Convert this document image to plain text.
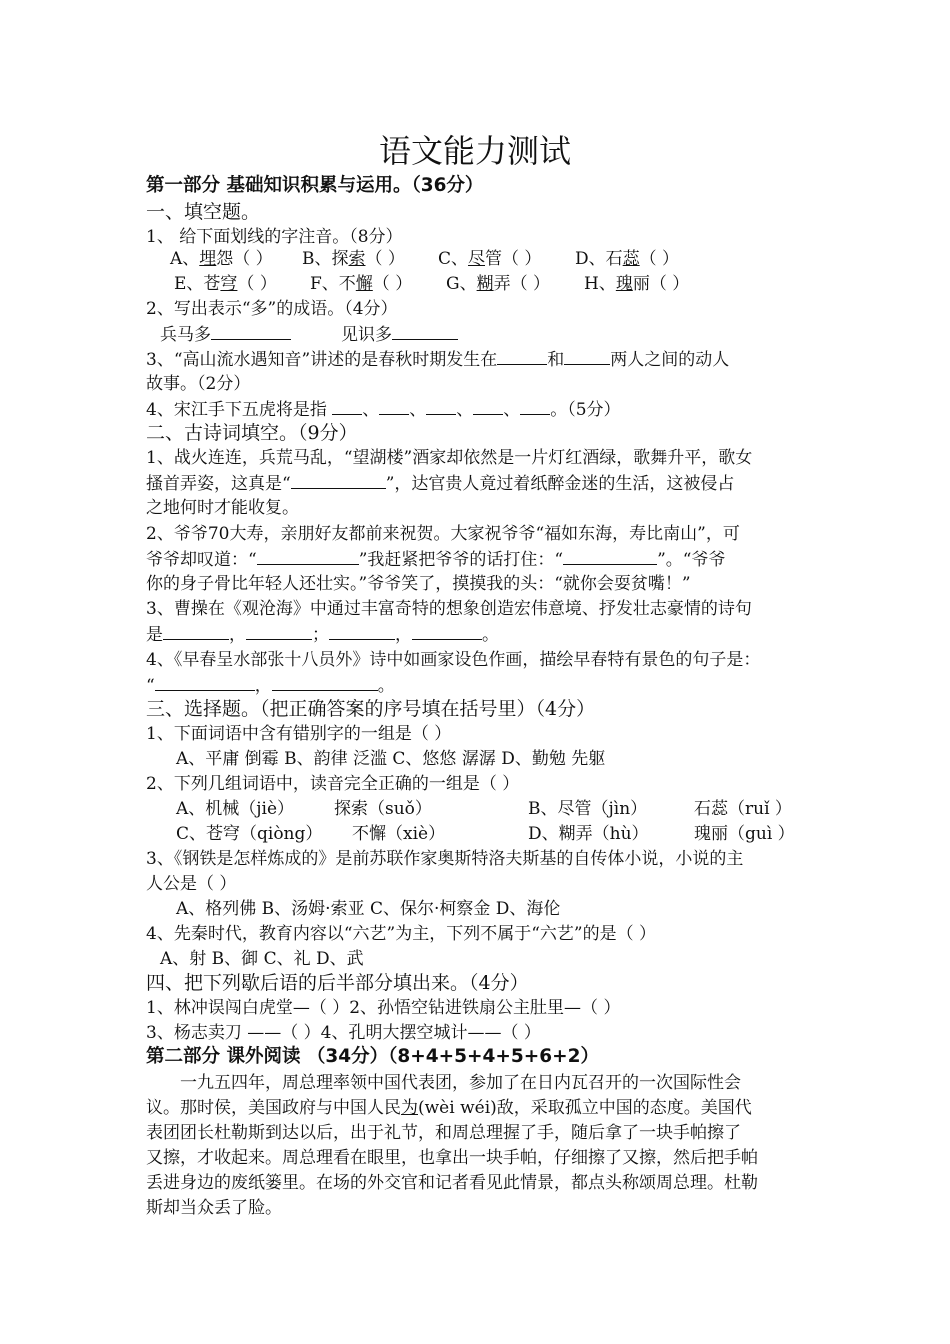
语文能力测试
第一部分 基础知识积累与运用。（36分）
一、填空题。
1、 给下面划线的字注音。（8分）
A、埋怨（ ） B、探索（ ） C、尽管（ ） D、石蕊（ ）
E、苍穹（ ） F、不懈（ ） G、糊弄（ ） H、瑰丽（ ）
2、写出表示“多”的成语。（4分）
兵马多	见识多
3、“高山流水遇知音”讲述的是春秋时期发生在	和	两人之间的动人
故事。（2分）
4、宋江手下五虎将是指 、 、 、 、 。（5分）
二、古诗词填空。（9分）
1、战火连连，兵荒马乱，“望湖楼”酒家却依然是一片灯红酒绿，歌舞升平，歌女
搔首弄姿，这真是“	”，达官贵人竟过着纸醉金迷的生活，这被侵占
之地何时才能收复。
2、爷爷70大寿，亲朋好友都前来祝贺。大家祝爷爷“福如东海，寿比南山”，可
爷爷却叹道：“	”我赶紧把爷爷的话打住：“	”。“爷爷
你的身子骨比年轻人还壮实。”爷爷笑了，摸摸我的头：“就你会耍贫嘴！”
3、曹操在《观沧海》中通过丰富奇特的想象创造宏伟意境、抒发壮志豪情的诗句
是	，	；	，	。
4、《早春呈水部张十八员外》诗中如画家设色作画，描绘早春特有景色的句子是：
“	，	。
三、选择题。（把正确答案的序号填在括号里）（4分）
1、下面词语中含有错别字的一组是（ ）
A、平庸 倒霉 B、韵律 泛滥 C、悠悠 潺潺 D、勤勉 先躯
2、下列几组词语中，读音完全正确的一组是（ ）
A、机械（jiè） 探索（suǒ）	B、尽管（jìn）	石蕊（ruǐ ）
C、苍穹（qiòng） 不懈（xiè）	D、糊弄（hù）	瑰丽（guì ）
3、《钢铁是怎样炼成的》是前苏联作家奥斯特洛夫斯基的自传体小说，小说的主
人公是（ ）
A、格列佛 B、汤姆·索亚 C、保尔·柯察金 D、海伦
4、先秦时代，教育内容以“六艺”为主，下列不属于“六艺”的是（ ）
A、射 B、御 C、礼 D、武
四、把下列歇后语的后半部分填出来。（4分）
1、林冲误闯白虎堂—（ ）2、孙悟空钻进铁扇公主肚里—（ ）
3、杨志卖刀 ——（ ）4、孔明大摆空城计——（ ）
第二部分 课外阅读 （34分）（8+4+5+4+5+6+2）
一九五四年，周总理率领中国代表团，参加了在日内瓦召开的一次国际性会
议。那时侯，美国政府与中国人民为(wèi wéi)敌，采取孤立中国的态度。美国代
表团团长杜勒斯到达以后，出于礼节，和周总理握了手，随后拿了一块手帕擦了
又擦，才收起来。周总理看在眼里，也拿出一块手帕，仔细擦了又擦，然后把手帕
丢进身边的废纸篓里。在场的外交官和记者看见此情景，都点头称颂周总理。杜勒
斯却当众丢了脸。
